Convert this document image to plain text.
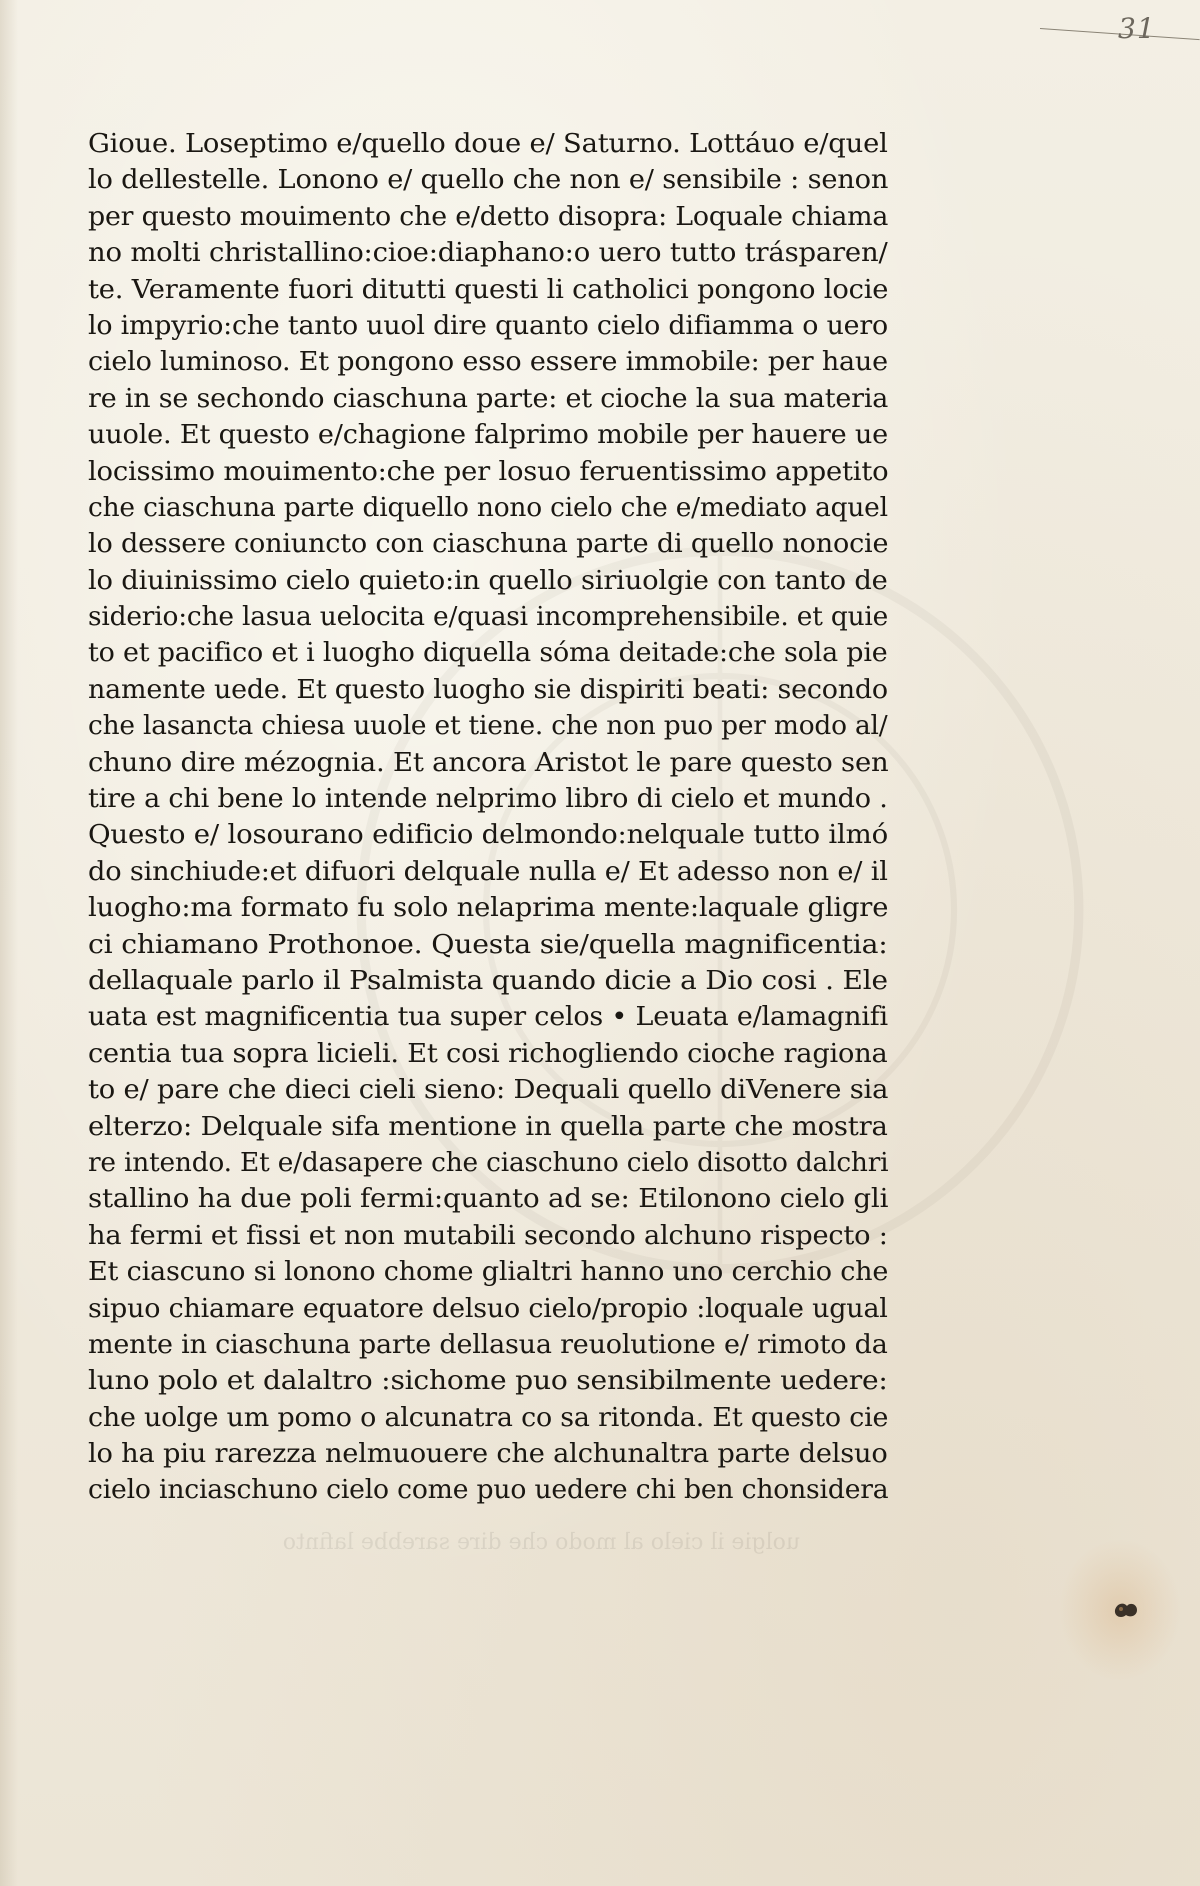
31
Gioue. Loseptimo e/quello doue e/ Saturno. Lottáuo e/quel
lo dellestelle. Lonono e/ quello che non e/ sensibile : senon
per questo mouimento che e/detto disopra: Loquale chiama
no molti christallino:cioe:diaphano:o uero tutto trásparen/
te. Veramente fuori ditutti questi li catholici pongono locie
lo impyrio:che tanto uuol dire quanto cielo difiamma o uero
cielo luminoso. Et pongono esso essere immobile: per haue
re in se sechondo ciaschuna parte: et cioche la sua materia
uuole. Et questo e/chagione falprimo mobile per hauere ue
locissimo mouimento:che per losuo feruentissimo appetito
che ciaschuna parte diquello nono cielo che e/mediato aquel
lo dessere coniuncto con ciaschuna parte di quello nonocie
lo diuinissimo cielo quieto:in quello siriuolgie con tanto de
siderio:che lasua uelocita e/quasi incomprehensibile. et quie
to et pacifico et i luogho diquella sóma deitade:che sola pie
namente uede. Et questo luogho sie dispiriti beati: secondo
che lasancta chiesa uuole et tiene. che non puo per modo al/
chuno dire mézognia. Et ancora Aristot le pare questo sen
tire a chi bene lo intende nelprimo libro di cielo et mundo .
Questo e/ losourano edificio delmondo:nelquale tutto ilmó
do sinchiude:et difuori delquale nulla e/ Et adesso non e/ il
luogho:ma formato fu solo nelaprima mente:laquale gligre
ci chiamano Prothonoe. Questa sie/quella magnificentia:
dellaquale parlo il Psalmista quando dicie a Dio cosi . Ele
uata est magnificentia tua super celos • Leuata e/lamagnifi
centia tua sopra licieli. Et cosi richogliendo cioche ragiona
to e/ pare che dieci cieli sieno: Dequali quello diVenere sia
elterzo: Delquale sifa mentione in quella parte che mostra
re intendo. Et e/dasapere che ciaschuno cielo disotto dalchri
stallino ha due poli fermi:quanto ad se: Etilonono cielo gli
ha fermi et fissi et non mutabili secondo alchuno rispecto :
Et ciascuno si lonono chome glialtri hanno uno cerchio che
sipuo chiamare equatore delsuo cielo/propio :loquale ugual
mente in ciaschuna parte dellasua reuolutione e/ rimoto da
luno polo et dalaltro :sichome puo sensibilmente uedere:
che uolge um pomo o alcunatra co sa ritonda. Et questo cie
lo ha piu rarezza nelmuouere che alchunaltra parte delsuo
cielo inciaschuno cielo come puo uedere chi ben chonsidera
uolgie il cielo al modo che dire sarebbe lafinto
